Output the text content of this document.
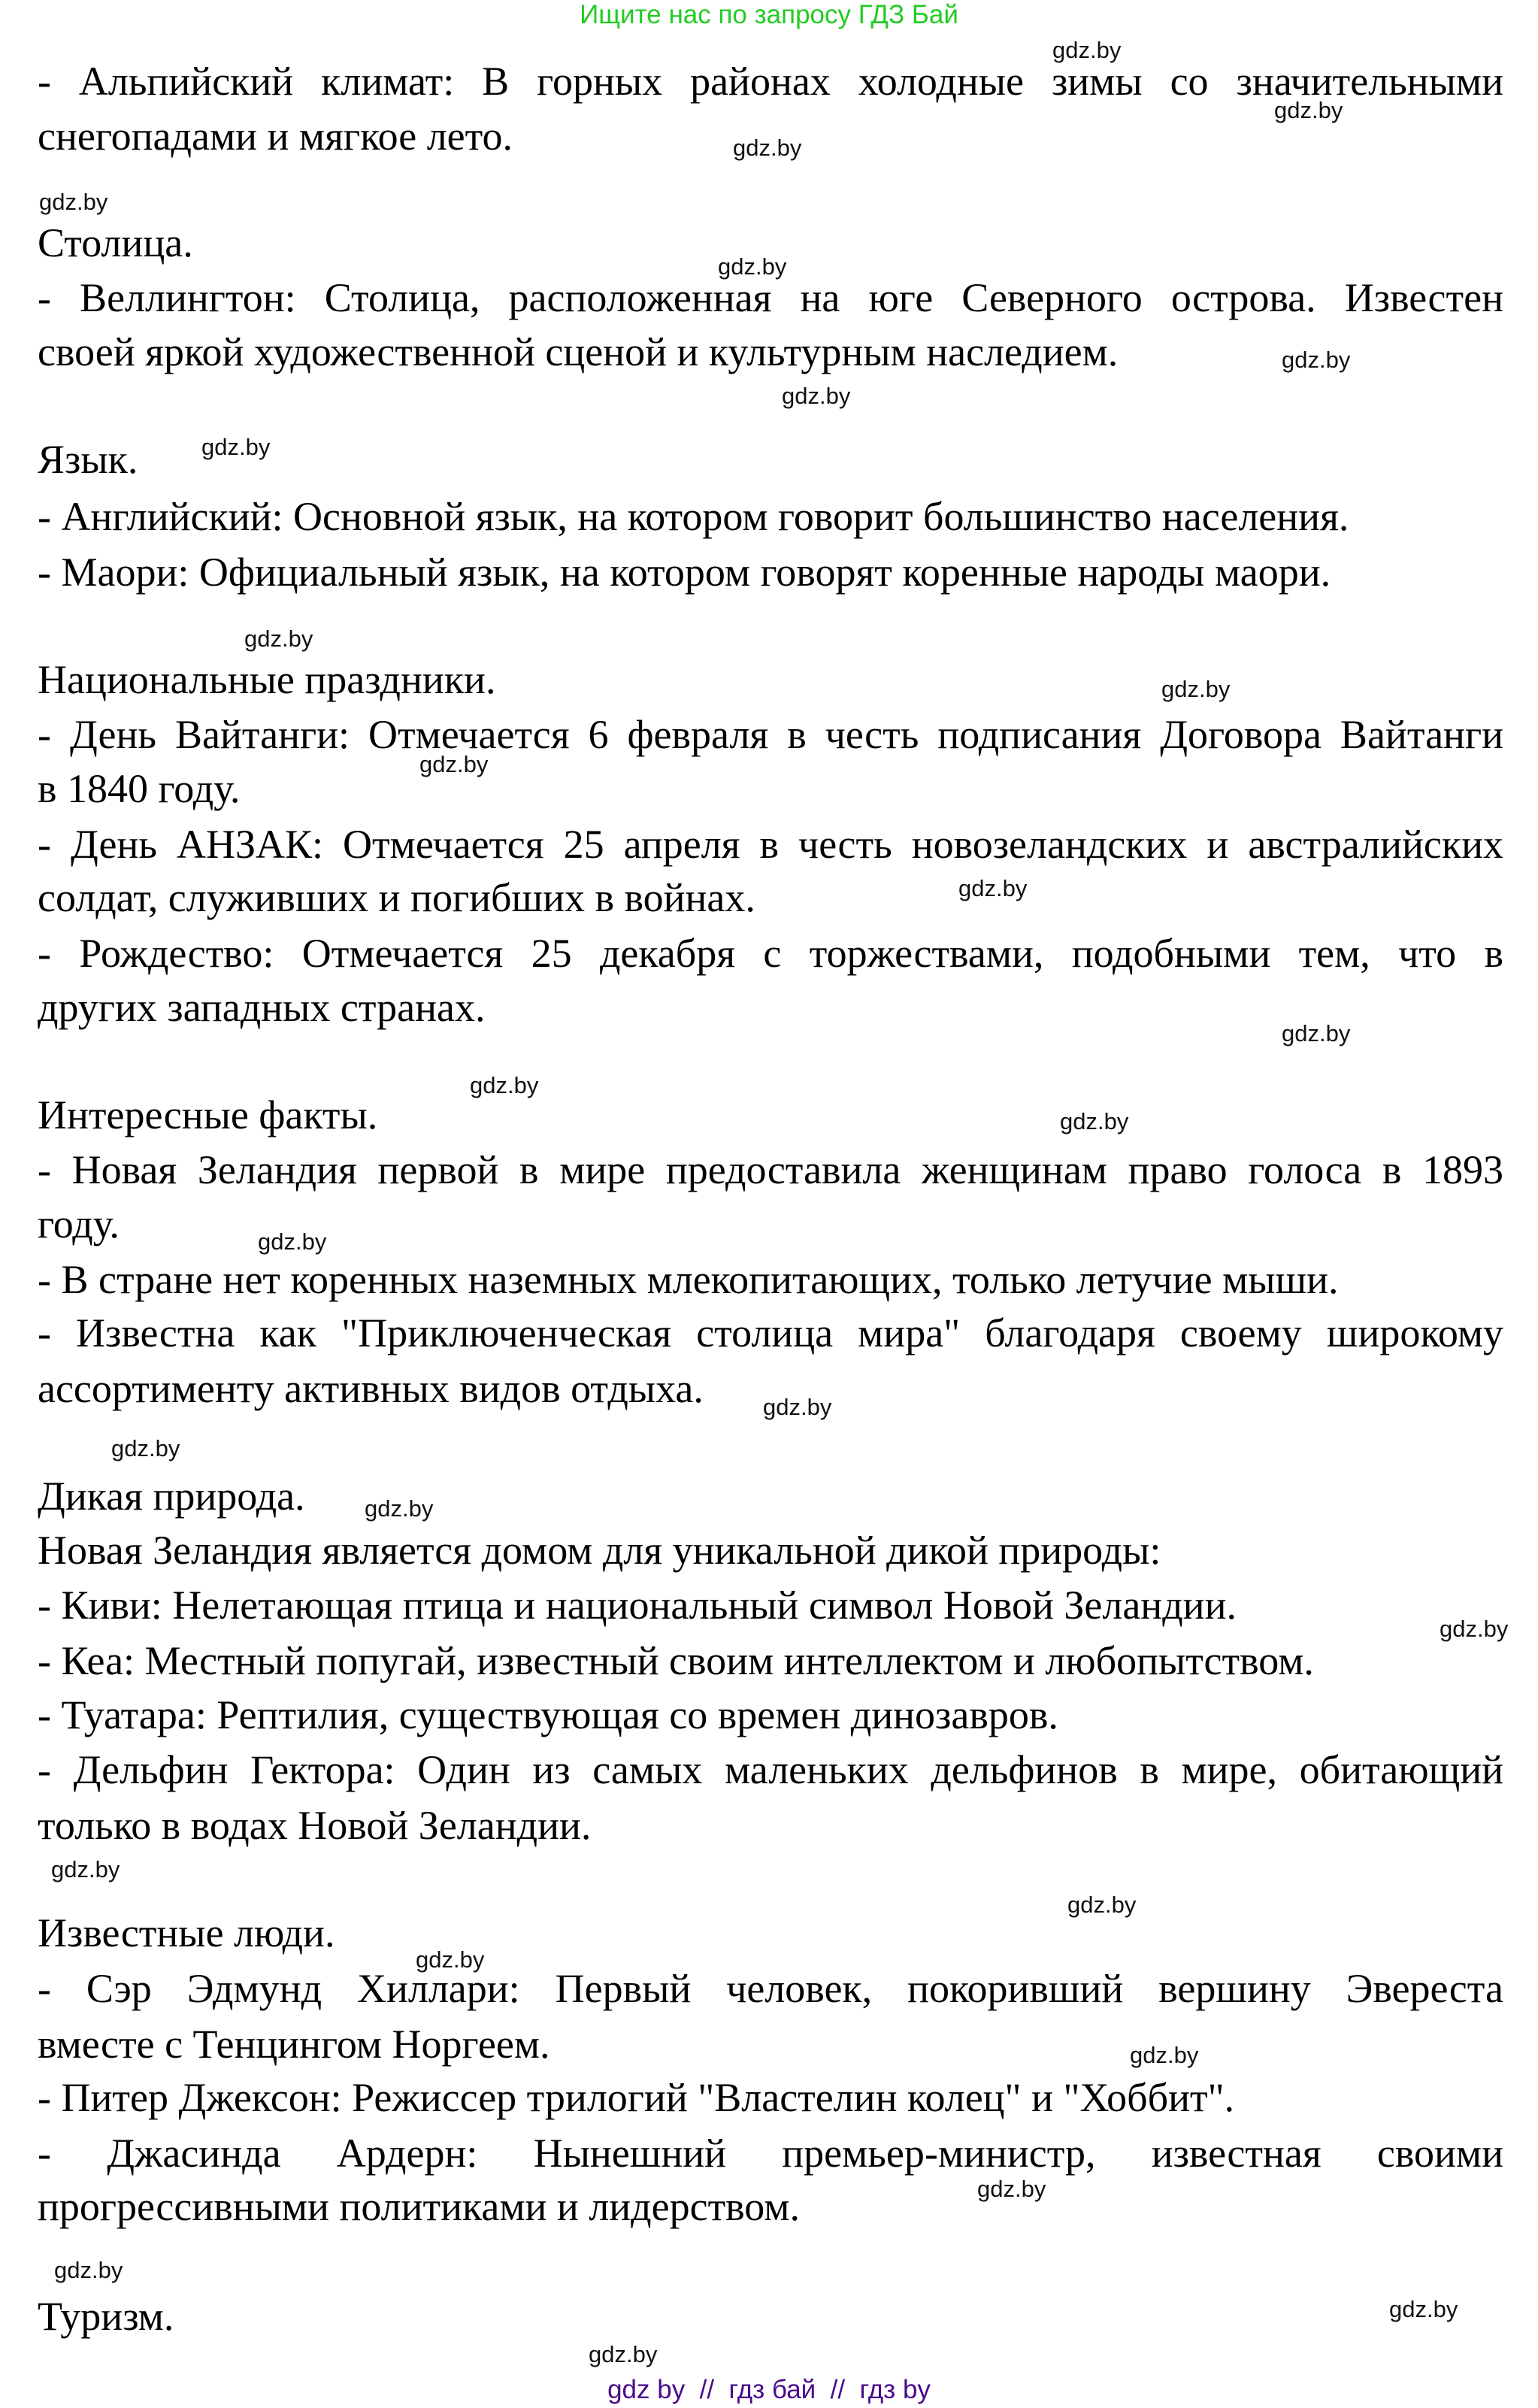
Ищите нас по запросу ГДЗ Бай
- Альпийский климат: В горных районах холодные зимы со значительными
снегопадами и мягкое лето.
Столица.
- Веллингтон: Столица, расположенная на юге Северного острова. Известен
своей яркой художественной сценой и культурным наследием.
Язык.
- Английский: Основной язык, на котором говорит большинство населения.
- Маори: Официальный язык, на котором говорят коренные народы маори.
Национальные праздники.
- День Вайтанги: Отмечается 6 февраля в честь подписания Договора Вайтанги
в 1840 году.
- День АНЗАК: Отмечается 25 апреля в честь новозеландских и австралийских
солдат, служивших и погибших в войнах.
- Рождество: Отмечается 25 декабря с торжествами, подобными тем, что в
других западных странах.
Интересные факты.
- Новая Зеландия первой в мире предоставила женщинам право голоса в 1893
году.
- В стране нет коренных наземных млекопитающих, только летучие мыши.
- Известна как "Приключенческая столица мира" благодаря своему широкому
ассортименту активных видов отдыха.
Дикая природа.
Новая Зеландия является домом для уникальной дикой природы:
- Киви: Нелетающая птица и национальный символ Новой Зеландии.
- Кеа: Местный попугай, известный своим интеллектом и любопытством.
- Туатара: Рептилия, существующая со времен динозавров.
- Дельфин Гектора: Один из самых маленьких дельфинов в мире, обитающий
только в водах Новой Зеландии.
Известные люди.
- Сэр Эдмунд Хиллари: Первый человек, покоривший вершину Эвереста
вместе с Тенцингом Норгеем.
- Питер Джексон: Режиссер трилогий "Властелин колец" и "Хоббит".
- Джасинда Ардерн: Нынешний премьер-министр, известная своими
прогрессивными политиками и лидерством.
Туризм.
gdz.by
gdz.by
gdz.by
gdz.by
gdz.by
gdz.by
gdz.by
gdz.by
gdz.by
gdz.by
gdz.by
gdz.by
gdz.by
gdz.by
gdz.by
gdz.by
gdz.by
gdz.by
gdz.by
gdz.by
gdz.by
gdz.by
gdz.by
gdz.by
gdz.by
gdz.by
gdz.by
gdz.by
gdz by  //  гдз бай  //  гдз by
